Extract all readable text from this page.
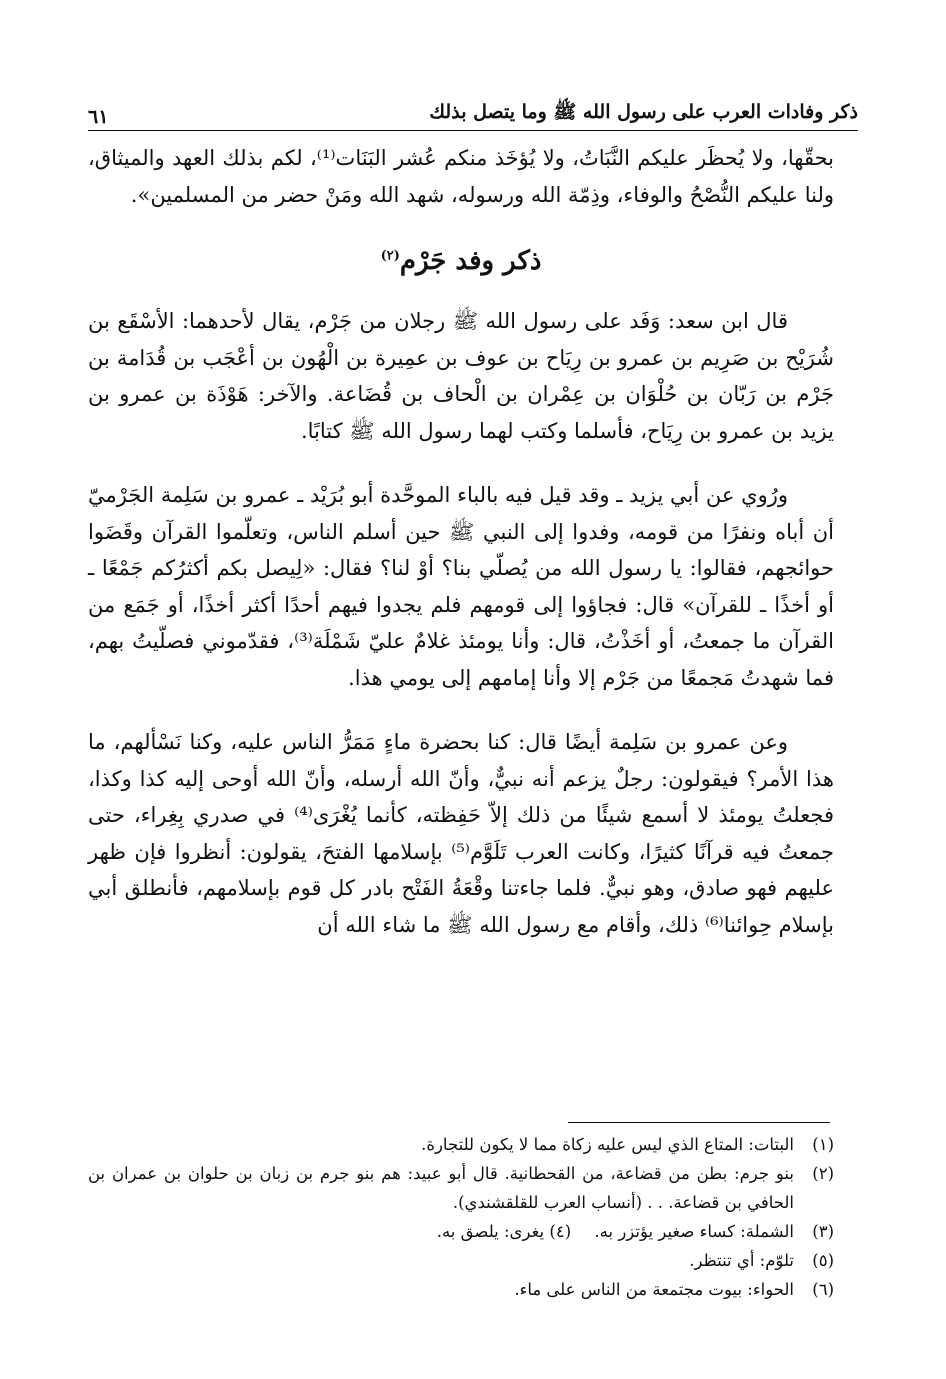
ذكر وفادات العرب على رسول الله ﷺ وما يتصل بذلك
٦١

بحقّها، ولا يُحظَر عليكم النَّبَاتُ، ولا يُؤخَذ منكم عُشر البَنَات⁽¹⁾، لكم بذلك العهد والميثاق، ولنا عليكم النُّصْحُ والوفاء، وذِمّة الله ورسوله، شهد الله ومَنْ حضر من المسلمين».

ذكر وفد جَرْم$^{(٢)}$

قال ابن سعد: وَفَد على رسول الله ﷺ رجلان من جَرْم، يقال لأحدهما: الأسْقَع بن شُرَيْح بن صَرِيم بن عمرو بن رِيَاح بن عوف بن عمِيرة بن الْهُون بن أعْجَب بن قُدَامة بن جَرْم بن رَبّان بن حُلْوَان بن عِمْران بن الْحاف بن قُضَاعة. والآخر: هَوْذَة بن عمرو بن يزيد بن عمرو بن رِيَاح، فأسلما وكتب لهما رسول الله ﷺ كتابًا.

ورُوي عن أبي يزيد ـ وقد قيل فيه بالباء الموحَّدة أبو بُرَيْد ـ عمرو بن سَلِمة الجَرْميّ أن أباه ونفرًا من قومه، وفدوا إلى النبي ﷺ حين أسلم الناس، وتعلّموا القرآن وقَضَوا حوائجهم، فقالوا: يا رسول الله من يُصلّي بنا؟ أوْ لنا؟ فقال: «لِيصل بكم أكثرُكم جَمْعًا ـ أو أخذًا ـ للقرآن» قال: فجاؤوا إلى قومهم فلم يجدوا فيهم أحدًا أكثر أخذًا، أو جَمَع من القرآن ما جمعتُ، أو أخَذْتُ، قال: وأنا يومئذ غلامٌ عليّ شَمْلَة⁽³⁾، فقدّموني فصلّيتُ بهم، فما شهدتُ مَجمعًا من جَرْم إلا وأنا إمامهم إلى يومي هذا.

وعن عمرو بن سَلِمة أيضًا قال: كنا بحضرة ماءٍ مَمَرُّ الناس عليه، وكنا نَسْألهم، ما هذا الأمر؟ فيقولون: رجلٌ يزعم أنه نبيٌّ، وأنّ الله أرسله، وأنّ الله أوحى إليه كذا وكذا، فجعلتُ يومئذ لا أسمع شيئًا من ذلك إلاّ حَفِظته، كأنما يُغْرَى⁽⁴⁾ في صدري بِغِراء، حتى جمعتُ فيه قرآنًا كثيرًا، وكانت العرب تَلَوَّم⁽⁵⁾ بإسلامها الفتحَ، يقولون: أنظروا فإن ظهر عليهم فهو صادق، وهو نبيٌّ. فلما جاءتنا وقْعَةُ الفَتْح بادر كل قوم بإسلامهم، فأنطلق أبي بإسلام حِوائنا⁽⁶⁾ ذلك، وأقام مع رسول الله ﷺ ما شاء الله أن

(١)
البتات: المتاع الذي ليس عليه زكاة مما لا يكون للتجارة.
(٢)
بنو جرم: بطن من قضاعة، من القحطانية. قال أبو عبيد: هم بنو جرم بن زبان بن حلوان بن عمران بن الحافي بن قضاعة. . . (أنساب العرب للقلقشندي).
(٣)
الشملة: كساء صغير يؤتزر به. (٤) يغرى: يلصق به.
(٥)
تلوّم: أي تنتظر.
(٦)
الحواء: بيوت مجتمعة من الناس على ماء.
